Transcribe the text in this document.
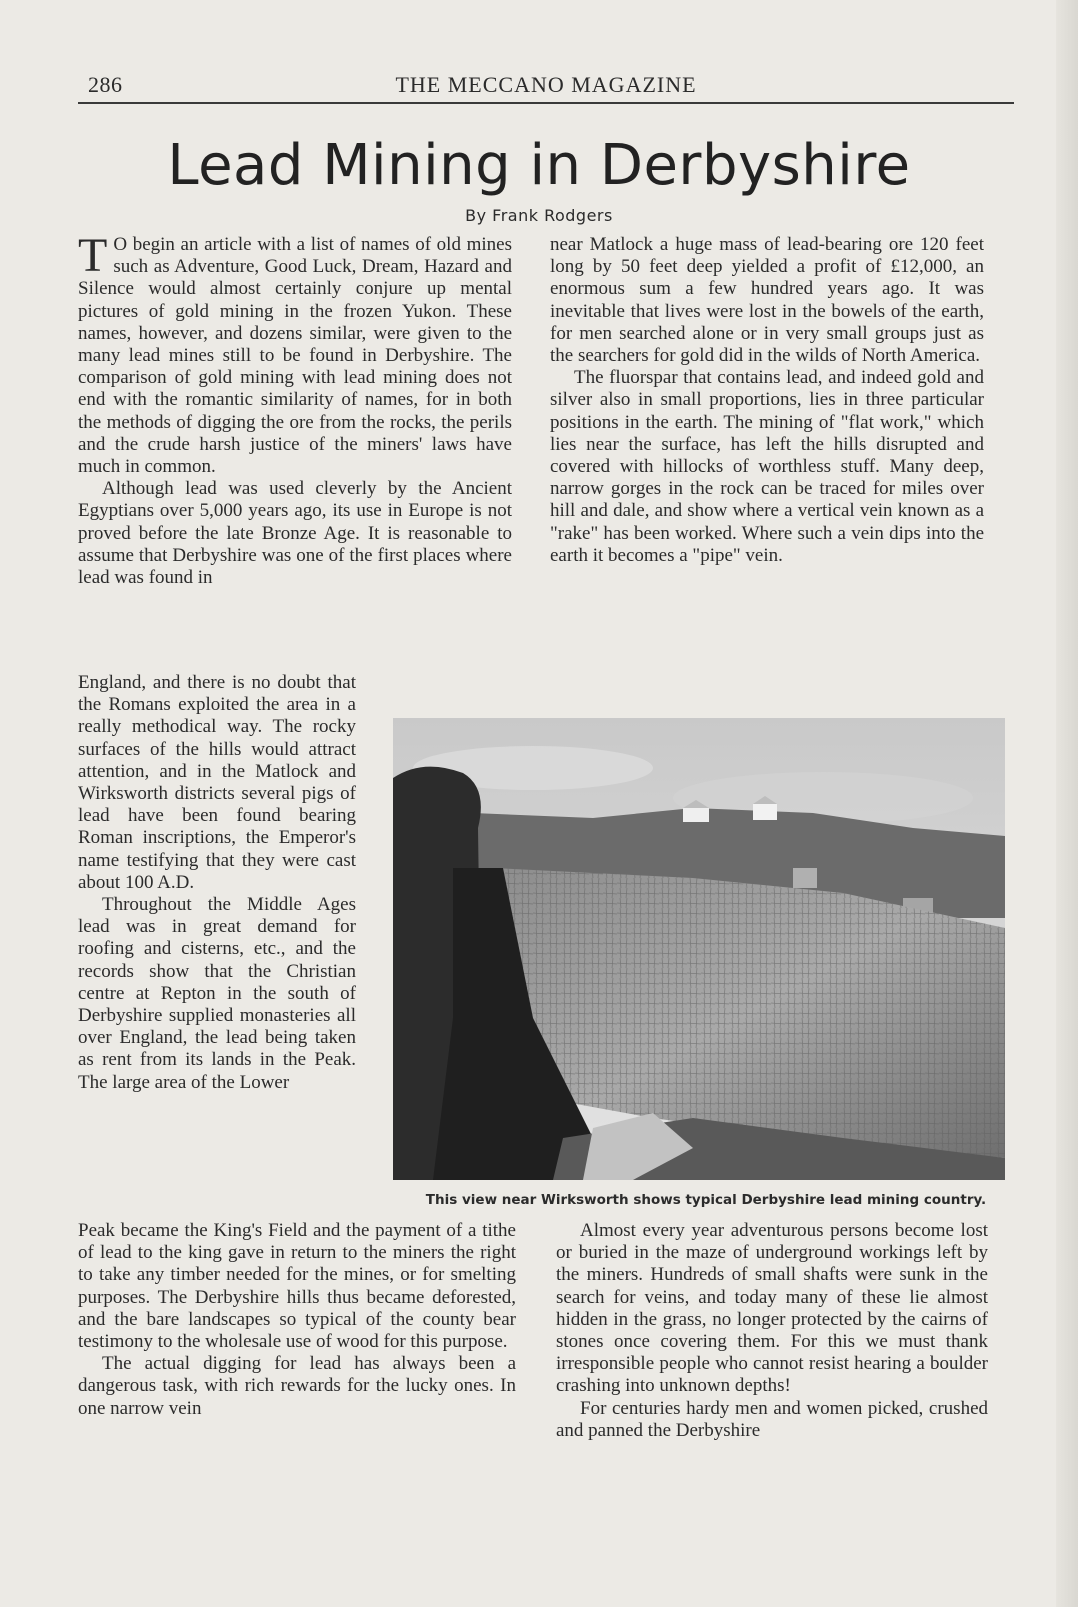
286	THE MECCANO MAGAZINE
Lead Mining in Derbyshire
By Frank Rodgers

T O begin an article with a list of names of old mines such as Adventure, Good Luck, Dream, Hazard and Silence would almost certainly conjure up mental pictures of gold mining in the frozen Yukon. These names, however, and dozens similar, were given to the many lead mines still to be found in Derbyshire. The comparison of gold mining with lead mining does not end with the romantic similarity of names, for in both the methods of digging the ore from the rocks, the perils and the crude harsh justice of the miners' laws have much in common.

Although lead was used cleverly by the Ancient Egyptians over 5,000 years ago, its use in Europe is not proved before the late Bronze Age. It is reasonable to assume that Derbyshire was one of the first places where lead was found in

England, and there is no doubt that the Romans exploited the area in a really methodical way. The rocky surfaces of the hills would attract attention, and in the Matlock and Wirksworth districts several pigs of lead have been found bearing Roman inscriptions, the Emperor's name testifying that they were cast about 100 A.D.

Throughout the Middle Ages lead was in great demand for roofing and cisterns, etc., and the records show that the Christian centre at Repton in the south of Derbyshire supplied monasteries all over England, the lead being taken as rent from its lands in the Peak. The large area of the Lower

Peak became the King's Field and the payment of a tithe of lead to the king gave in return to the miners the right to take any timber needed for the mines, or for smelting purposes. The Derbyshire hills thus became deforested, and the bare landscapes so typical of the county bear testimony to the wholesale use of wood for this purpose.

The actual digging for lead has always been a dangerous task, with rich rewards for the lucky ones. In one narrow vein

near Matlock a huge mass of lead-bearing ore 120 feet long by 50 feet deep yielded a profit of £12,000, an enormous sum a few hundred years ago. It was inevitable that lives were lost in the bowels of the earth, for men searched alone or in very small groups just as the searchers for gold did in the wilds of North America.

The fluorspar that contains lead, and indeed gold and silver also in small proportions, lies in three particular positions in the earth. The mining of "flat work," which lies near the surface, has left the hills disrupted and covered with hillocks of worthless stuff. Many deep, narrow gorges in the rock can be traced for miles over hill and dale, and show where a vertical vein known as a "rake" has been worked. Where such a vein dips into the earth it becomes a "pipe" vein.

This view near Wirksworth shows typical Derbyshire lead mining country.

Almost every year adventurous persons become lost or buried in the maze of underground workings left by the miners. Hundreds of small shafts were sunk in the search for veins, and today many of these lie almost hidden in the grass, no longer protected by the cairns of stones once covering them. For this we must thank irresponsible people who cannot resist hearing a boulder crashing into unknown depths!

For centuries hardy men and women picked, crushed and panned the Derbyshire
